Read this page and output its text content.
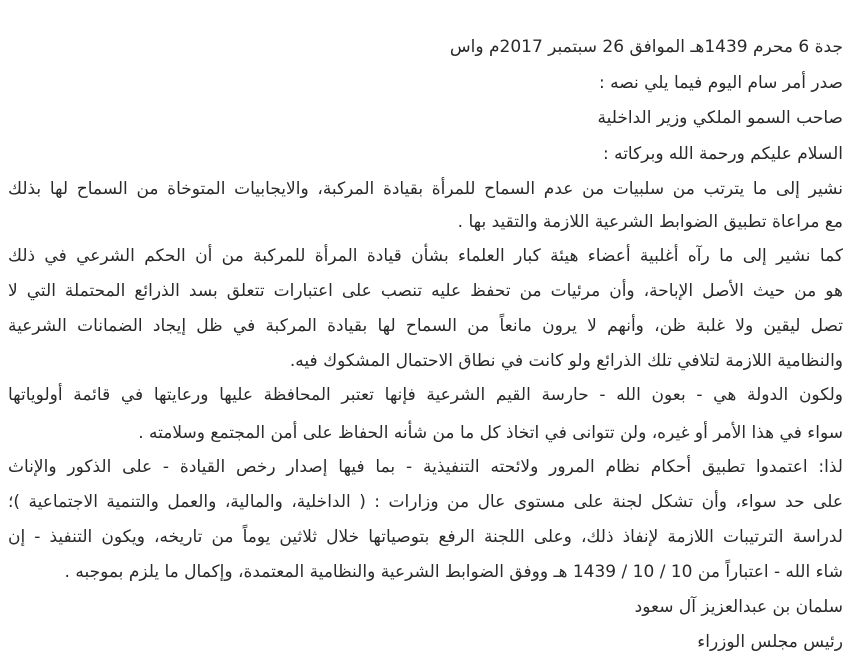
جدة 6 محرم 1439هـ الموافق 26 سبتمبر 2017م واس
صدر أمر سام اليوم فيما يلي نصه :
صاحب السمو الملكي وزير الداخلية
السلام عليكم ورحمة الله وبركاته :
نشير إلى ما يترتب من سلبيات من عدم السماح للمرأة بقيادة المركبة، والايجابيات المتوخاة من السماح لها بذلك
مع مراعاة تطبيق الضوابط الشرعية اللازمة والتقيد بها .
كما نشير إلى ما رآه أغلبية أعضاء هيئة كبار العلماء بشأن قيادة المرأة للمركبة من أن الحكم الشرعي في ذلك
هو من حيث الأصل الإباحة، وأن مرئيات من تحفظ عليه تنصب على اعتبارات تتعلق بسد الذرائع المحتملة التي لا
تصل ليقين ولا غلبة ظن، وأنهم لا يرون مانعاً من السماح لها بقيادة المركبة في ظل إيجاد الضمانات الشرعية
والنظامية اللازمة لتلافي تلك الذرائع ولو كانت في نطاق الاحتمال المشكوك فيه.
ولكون الدولة هي - بعون الله - حارسة القيم الشرعية فإنها تعتبر المحافظة عليها ورعايتها في قائمة أولوياتها
سواء في هذا الأمر أو غيره، ولن تتوانى في اتخاذ كل ما من شأنه الحفاظ على أمن المجتمع وسلامته .
لذا: اعتمدوا تطبيق أحكام نظام المرور ولائحته التنفيذية - بما فيها إصدار رخص القيادة - على الذكور والإناث
على حد سواء، وأن تشكل لجنة على مستوى عال من وزارات : ( الداخلية، والمالية، والعمل والتنمية الاجتماعية )؛
لدراسة الترتيبات اللازمة لإنفاذ ذلك، وعلى اللجنة الرفع بتوصياتها خلال ثلاثين يوماً من تاريخه، ويكون التنفيذ - إن
شاء الله - اعتباراً من 10 / 10 / 1439 هـ ووفق الضوابط الشرعية والنظامية المعتمدة، وإكمال ما يلزم بموجبه .
سلمان بن عبدالعزيز آل سعود
رئيس مجلس الوزراء
